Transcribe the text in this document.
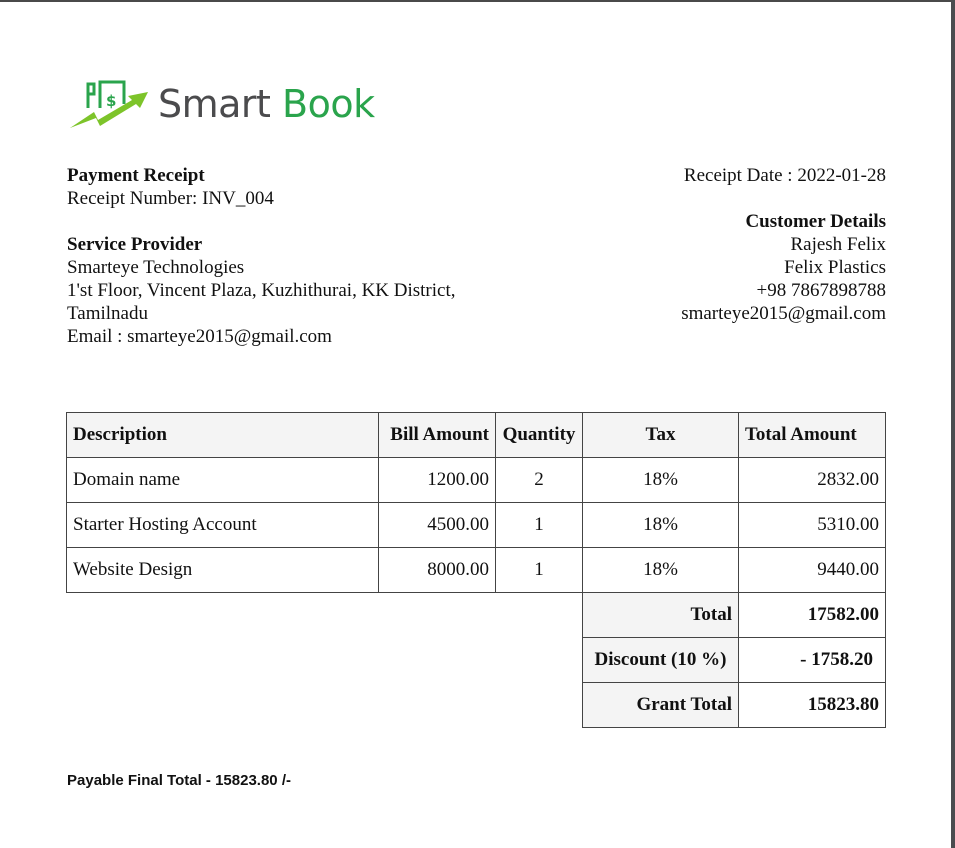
$ Smart Book
Payment Receipt
Receipt Number: INV_004
Service Provider
Smarteye Technologies
1'st Floor, Vincent Plaza, Kuzhithurai, KK District,
Tamilnadu
Email : smarteye2015@gmail.com
Receipt Date : 2022-01-28
Customer Details
Rajesh Felix
Felix Plastics
+98 7867898788
smarteye2015@gmail.com
Description	Bill Amount	Quantity	Tax	Total Amount
Domain name	1200.00	2	18%	2832.00
Starter Hosting Account	4500.00	1	18%	5310.00
Website Design	8000.00	1	18%	9440.00
			Total	17582.00
			Discount (10 %)	- 1758.20
			Grant Total	15823.80
Payable Final Total - 15823.80 /-
